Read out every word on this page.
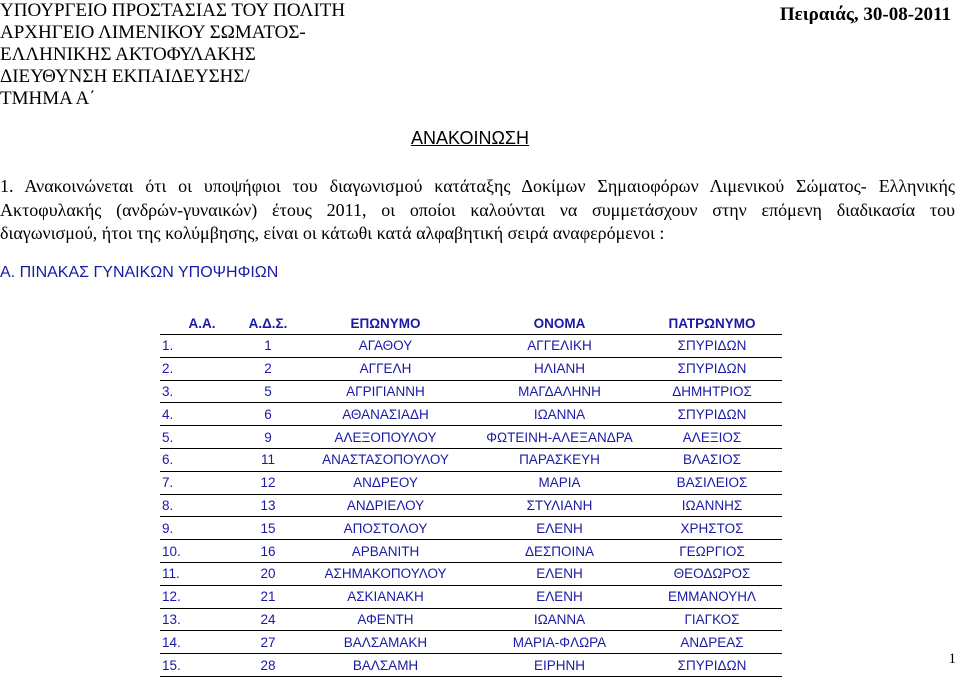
ΥΠΟΥΡΓΕΙΟ ΠΡΟΣΤΑΣΙΑΣ ΤΟΥ ΠΟΛΙΤΗ
ΑΡΧΗΓΕΙΟ ΛΙΜΕΝΙΚΟΥ ΣΩΜΑΤΟΣ-
ΕΛΛΗΝΙΚΗΣ ΑΚΤΟΦΥΛΑΚΗΣ
ΔΙΕΥΘΥΝΣΗ ΕΚΠΑΙΔΕΥΣΗΣ/
ΤΜΗΜΑ Α΄
Πειραιάς, 30-08-2011
ΑΝΑΚΟΙΝΩΣΗ
1. Ανακοινώνεται ότι οι υποψήφιοι του διαγωνισμού κατάταξης Δοκίμων Σημαιοφόρων Λιμενικού Σώματος- Ελληνικής
Ακτοφυλακής (ανδρών-γυναικών) έτους 2011, οι οποίοι καλούνται να συμμετάσχουν στην επόμενη διαδικασία του
διαγωνισμού, ήτοι της κολύμβησης, είναι οι κάτωθι κατά αλφαβητική σειρά αναφερόμενοι :
Α. ΠΙΝΑΚΑΣ ΓΥΝΑΙΚΩΝ ΥΠΟΨΗΦΙΩΝ
Α.Α.	Α.Δ.Σ.	ΕΠΩΝΥΜΟ	ΟΝΟΜΑ	ΠΑΤΡΩΝΥΜΟ
1.	1	ΑΓΑΘΟΥ	ΑΓΓΕΛΙΚΗ	ΣΠΥΡΙΔΩΝ
2.	2	ΑΓΓΕΛΗ	ΗΛΙΑΝΗ	ΣΠΥΡΙΔΩΝ
3.	5	ΑΓΡΙΓΙΑΝΝΗ	ΜΑΓΔΑΛΗΝΗ	ΔΗΜΗΤΡΙΟΣ
4.	6	ΑΘΑΝΑΣΙΑΔΗ	ΙΩΑΝΝΑ	ΣΠΥΡΙΔΩΝ
5.	9	ΑΛΕΞΟΠΟΥΛΟΥ	ΦΩΤΕΙΝΗ-ΑΛΕΞΑΝΔΡΑ	ΑΛΕΞΙΟΣ
6.	11	ΑΝΑΣΤΑΣΟΠΟΥΛΟΥ	ΠΑΡΑΣΚΕΥΗ	ΒΛΑΣΙΟΣ
7.	12	ΑΝΔΡΕΟΥ	ΜΑΡΙΑ	ΒΑΣΙΛΕΙΟΣ
8.	13	ΑΝΔΡΙΕΛΟΥ	ΣΤΥΛΙΑΝΗ	ΙΩΑΝΝΗΣ
9.	15	ΑΠΟΣΤΟΛΟΥ	ΕΛΕΝΗ	ΧΡΗΣΤΟΣ
10.	16	ΑΡΒΑΝΙΤΗ	ΔΕΣΠΟΙΝΑ	ΓΕΩΡΓΙΟΣ
11.	20	ΑΣΗΜΑΚΟΠΟΥΛΟΥ	ΕΛΕΝΗ	ΘΕΟΔΩΡΟΣ
12.	21	ΑΣΚΙΑΝΑΚΗ	ΕΛΕΝΗ	ΕΜΜΑΝΟΥΗΛ
13.	24	ΑΦΕΝΤΗ	ΙΩΑΝΝΑ	ΓΙΑΓΚΟΣ
14.	27	ΒΑΛΣΑΜΑΚΗ	ΜΑΡΙΑ-ΦΛΩΡΑ	ΑΝΔΡΕΑΣ
15.	28	ΒΑΛΣΑΜΗ	ΕΙΡΗΝΗ	ΣΠΥΡΙΔΩΝ	1
